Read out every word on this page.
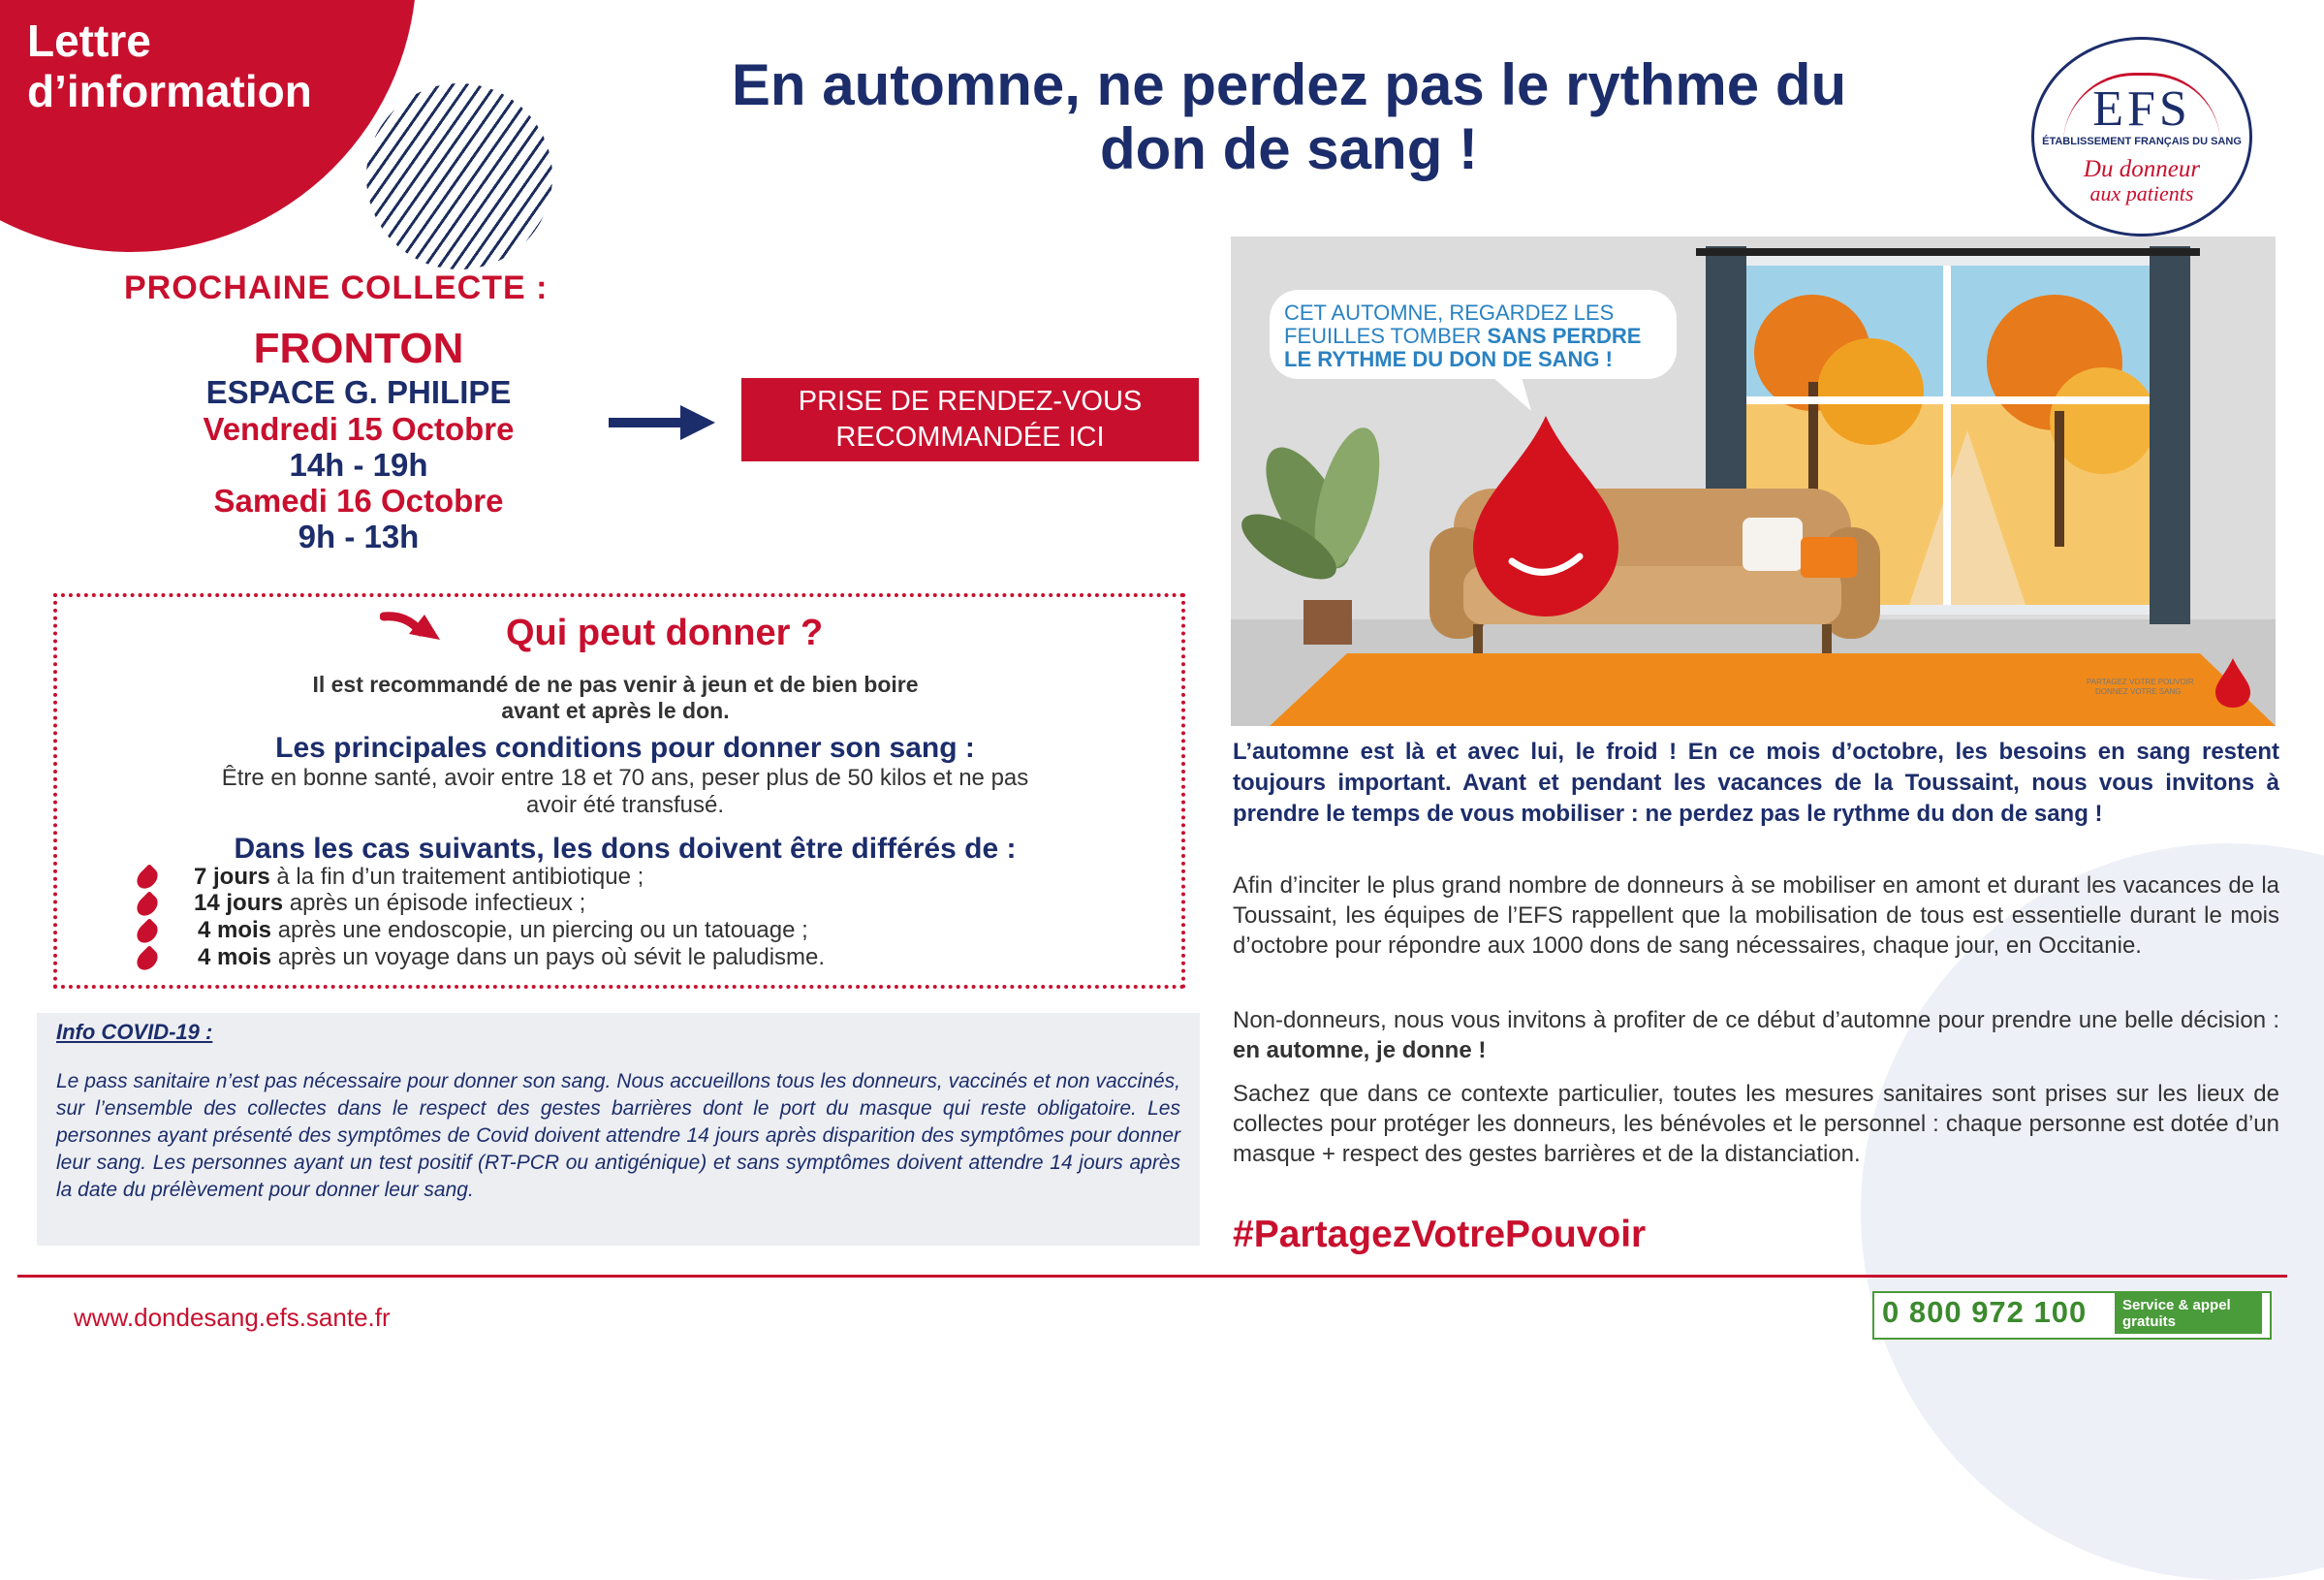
Lettre
d’information	En automne, ne perdez pas le rythme du
don de sang !
EFS
ÉTABLISSEMENT FRANÇAIS DU SANG
Du donneur
aux patients
PROCHAINE COLLECTE :
FRONTON
ESPACE G. PHILIPE
Vendredi 15 Octobre
14h - 19h
Samedi 16 Octobre
9h - 13h
PRISE DE RENDEZ-VOUS
RECOMMANDÉE ICI
Qui peut donner ?
Il est recommandé de ne pas venir à jeun et de bien boire
avant et après le don.
Les principales conditions pour donner son sang :
Être en bonne santé, avoir entre 18 et 70 ans, peser plus de 50 kilos et ne pas
avoir été transfusé.
Dans les cas suivants, les dons doivent être différés de :
7 jours à la fin d’un traitement antibiotique ;
14 jours après un épisode infectieux ;
4 mois après une endoscopie, un piercing ou un tatouage ;
4 mois après un voyage dans un pays où sévit le paludisme.
Info COVID-19 :
Le pass sanitaire n’est pas nécessaire pour donner son sang. Nous accueillons tous les donneurs, vaccinés et non vaccinés, sur l’ensemble des collectes dans le respect des gestes barrières dont le port du masque qui reste obligatoire. Les personnes ayant présenté des symptômes de Covid doivent attendre 14 jours après disparition des symptômes pour donner leur sang. Les personnes ayant un test positif (RT-PCR ou antigénique) et sans symptômes doivent attendre 14 jours après la date du prélèvement pour donner leur sang.
PARTAGEZ VOTRE POUVOIR
DONNEZ VOTRE SANG
CET AUTOMNE, REGARDEZ LES
FEUILLES TOMBER SANS PERDRE
LE RYTHME DU DON DE SANG !
L’automne est là et avec lui, le froid ! En ce mois d’octobre, les besoins en sang restent toujours important. Avant et pendant les vacances de la Toussaint, nous vous invitons à prendre le temps de vous mobiliser : ne perdez pas le rythme du don de sang !
Afin d’inciter le plus grand nombre de donneurs à se mobiliser en amont et durant les vacances de la Toussaint, les équipes de l’EFS rappellent que la mobilisation de tous est essentielle durant le mois d’octobre pour répondre aux 1000 dons de sang nécessaires, chaque jour, en Occitanie.
Non-donneurs, nous vous invitons à profiter de ce début d’automne pour prendre une belle décision : en automne, je donne !
Sachez que dans ce contexte particulier, toutes les mesures sanitaires sont prises sur les lieux de collectes pour protéger les donneurs, les bénévoles et le personnel : chaque personne est dotée d’un masque + respect des gestes barrières et de la distanciation.
#PartagezVotrePouvoir
www.dondesang.efs.sante.fr	0 800 972 100 Service & appel
gratuits
